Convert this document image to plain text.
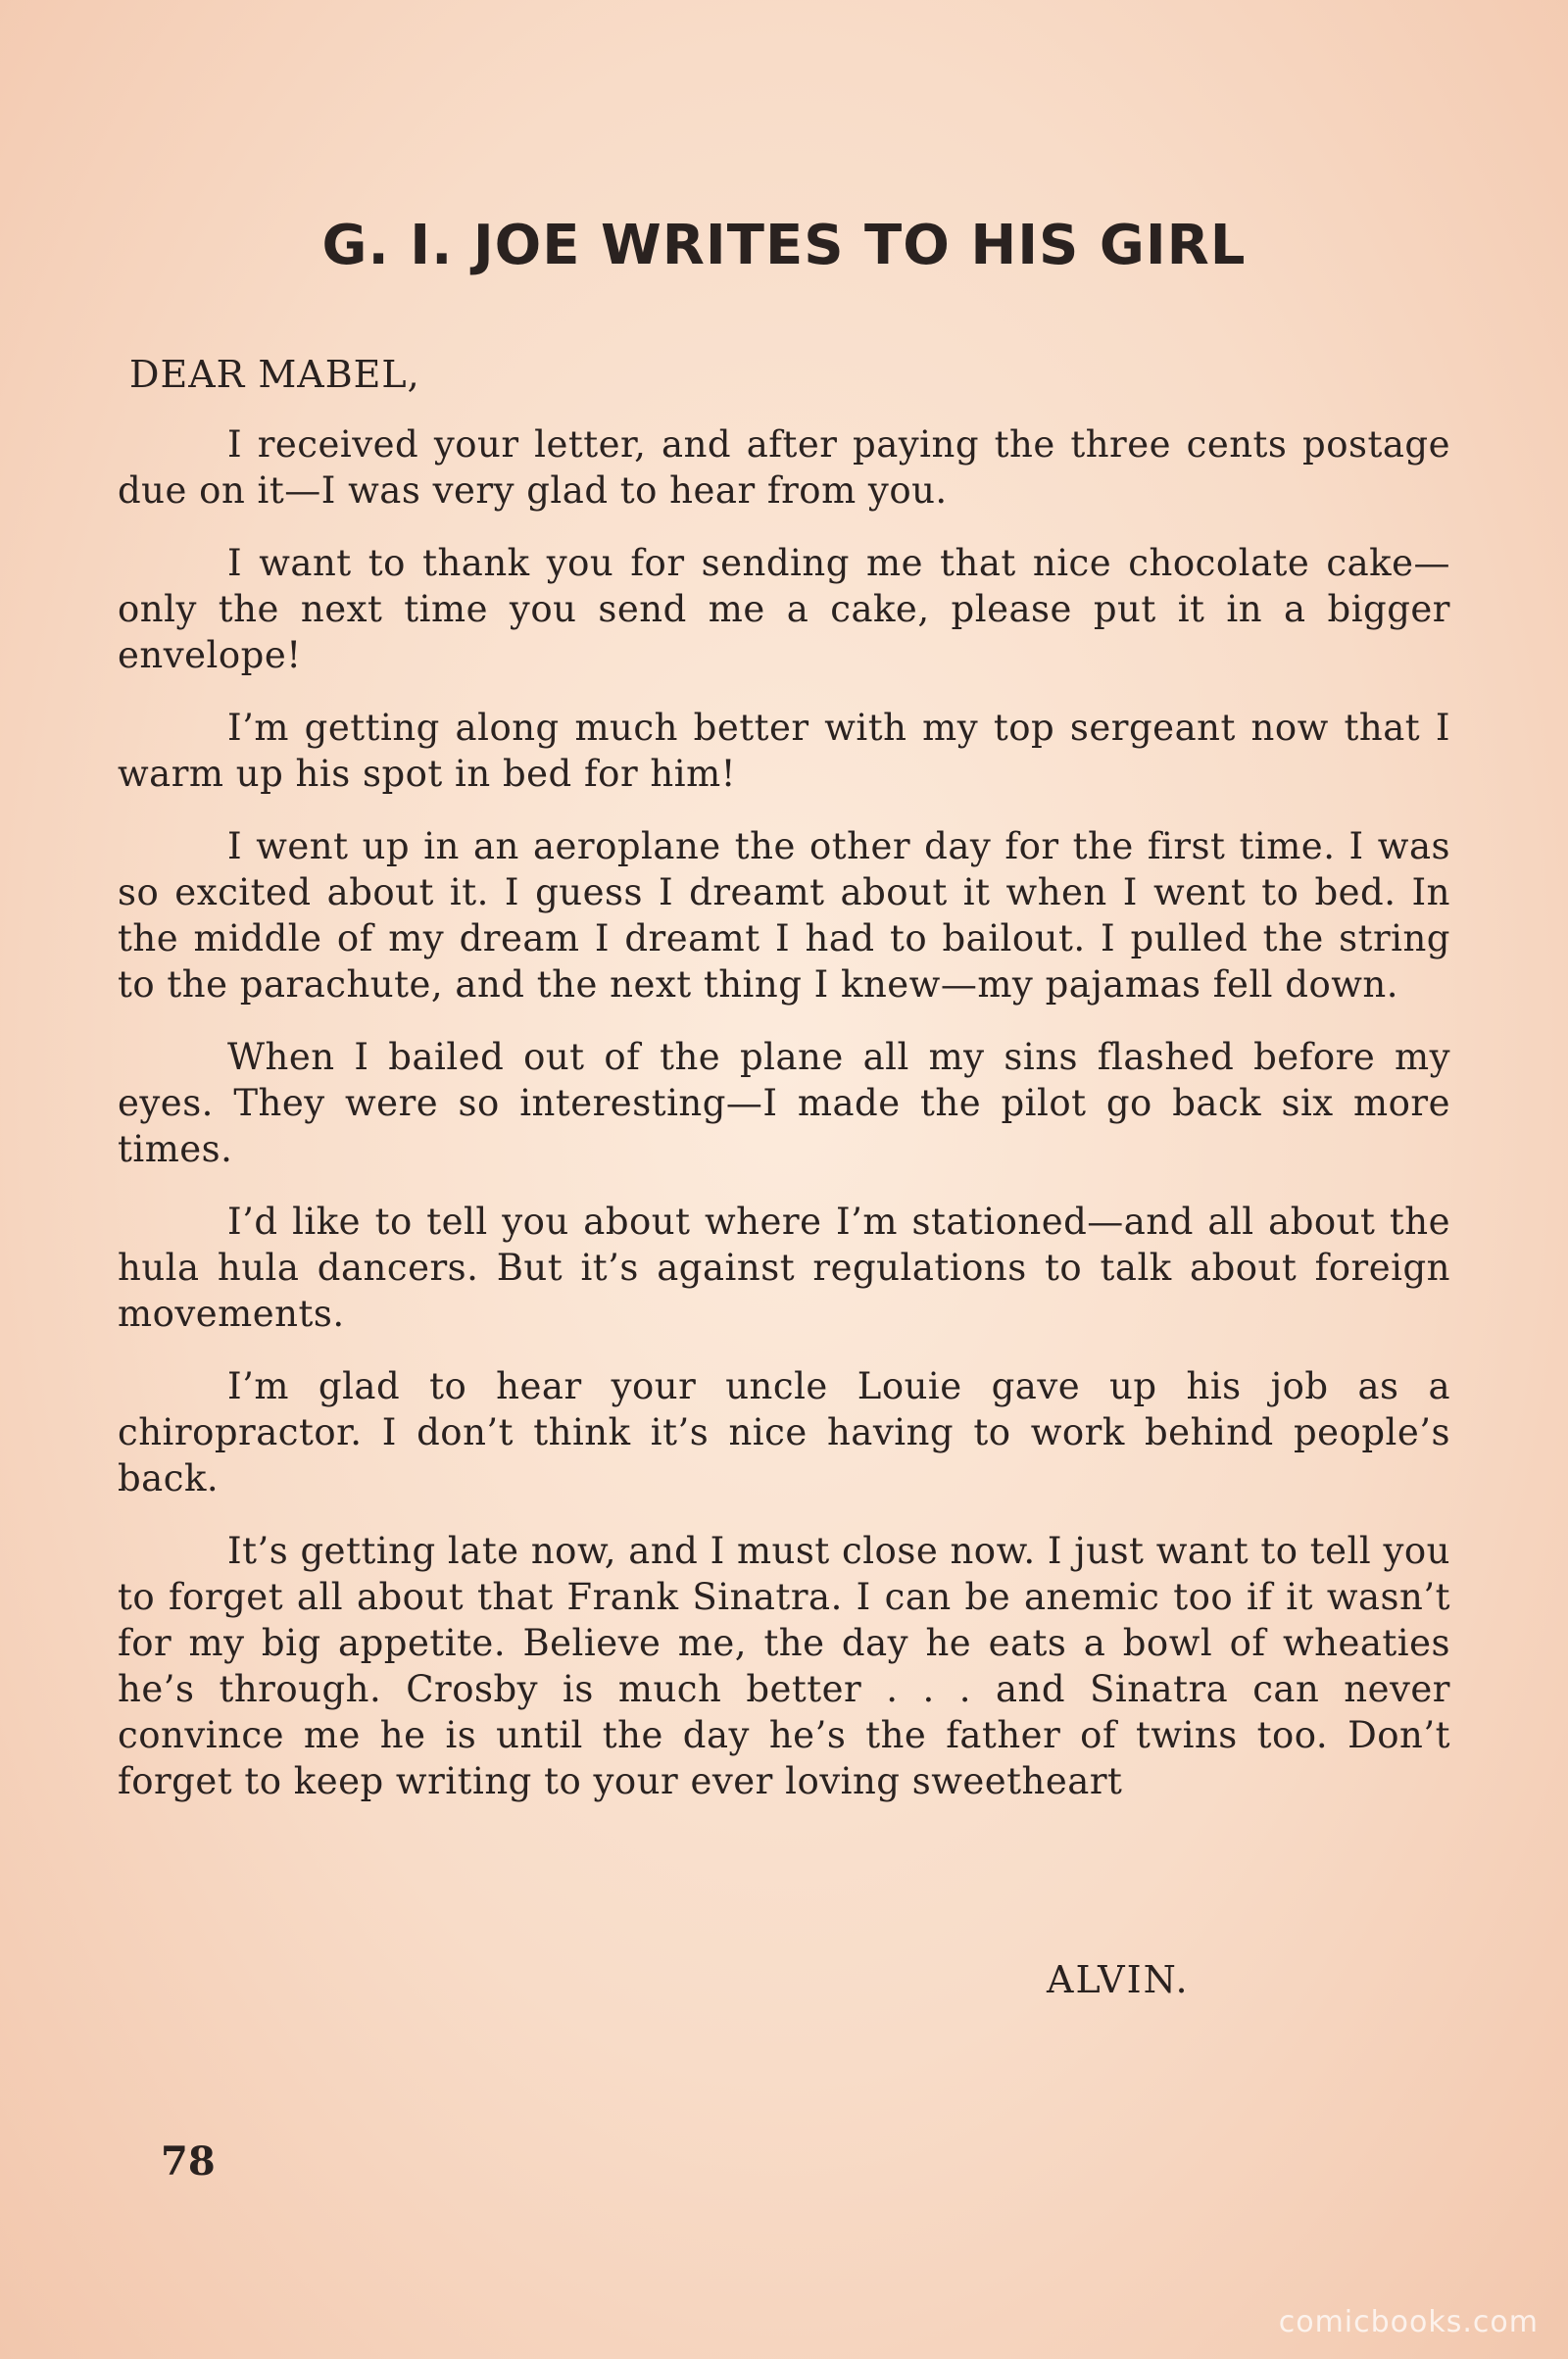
G. I. JOE WRITES TO HIS GIRL

DEAR MABEL,

I received your letter, and after paying the three cents postage due on it—I was very glad to hear from you.

I want to thank you for sending me that nice chocolate cake—only the next time you send me a cake, please put it in a bigger envelope!

I’m getting along much better with my top sergeant now that I warm up his spot in bed for him!

I went up in an aeroplane the other day for the first time. I was so excited about it. I guess I dreamt about it when I went to bed. In the middle of my dream I dreamt I had to bailout. I pulled the string to the parachute, and the next thing I knew—my pajamas fell down.

When I bailed out of the plane all my sins flashed before my eyes. They were so interesting—I made the pilot go back six more times.

I’d like to tell you about where I’m stationed—and all about the hula hula dancers. But it’s against regulations to talk about foreign movements.

I’m glad to hear your uncle Louie gave up his job as a chiropractor. I don’t think it’s nice having to work behind people’s back.

It’s getting late now, and I must close now. I just want to tell you to forget all about that Frank Sinatra. I can be anemic too if it wasn’t for my big appetite. Believe me, the day he eats a bowl of wheaties he’s through. Crosby is much better . . . and Sinatra can never convince me he is until the day he’s the father of twins too. Don’t forget to keep writing to your ever loving sweetheart

ALVIN.

78

comicbooks.com
